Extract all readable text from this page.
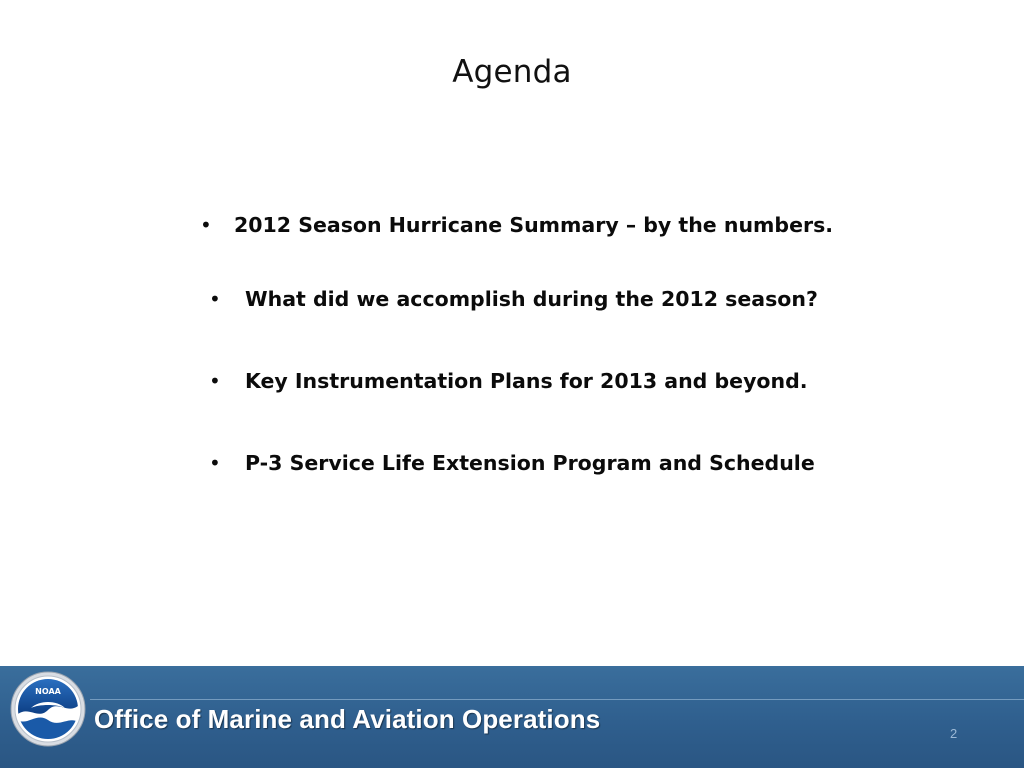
Agenda
•	2012 Season Hurricane Summary – by the numbers.
•	What did we accomplish during the 2012 season?
•	Key Instrumentation Plans for 2013 and beyond.
•	P-3 Service Life Extension Program and Schedule
NOAA
Office of Marine and Aviation Operations	2
